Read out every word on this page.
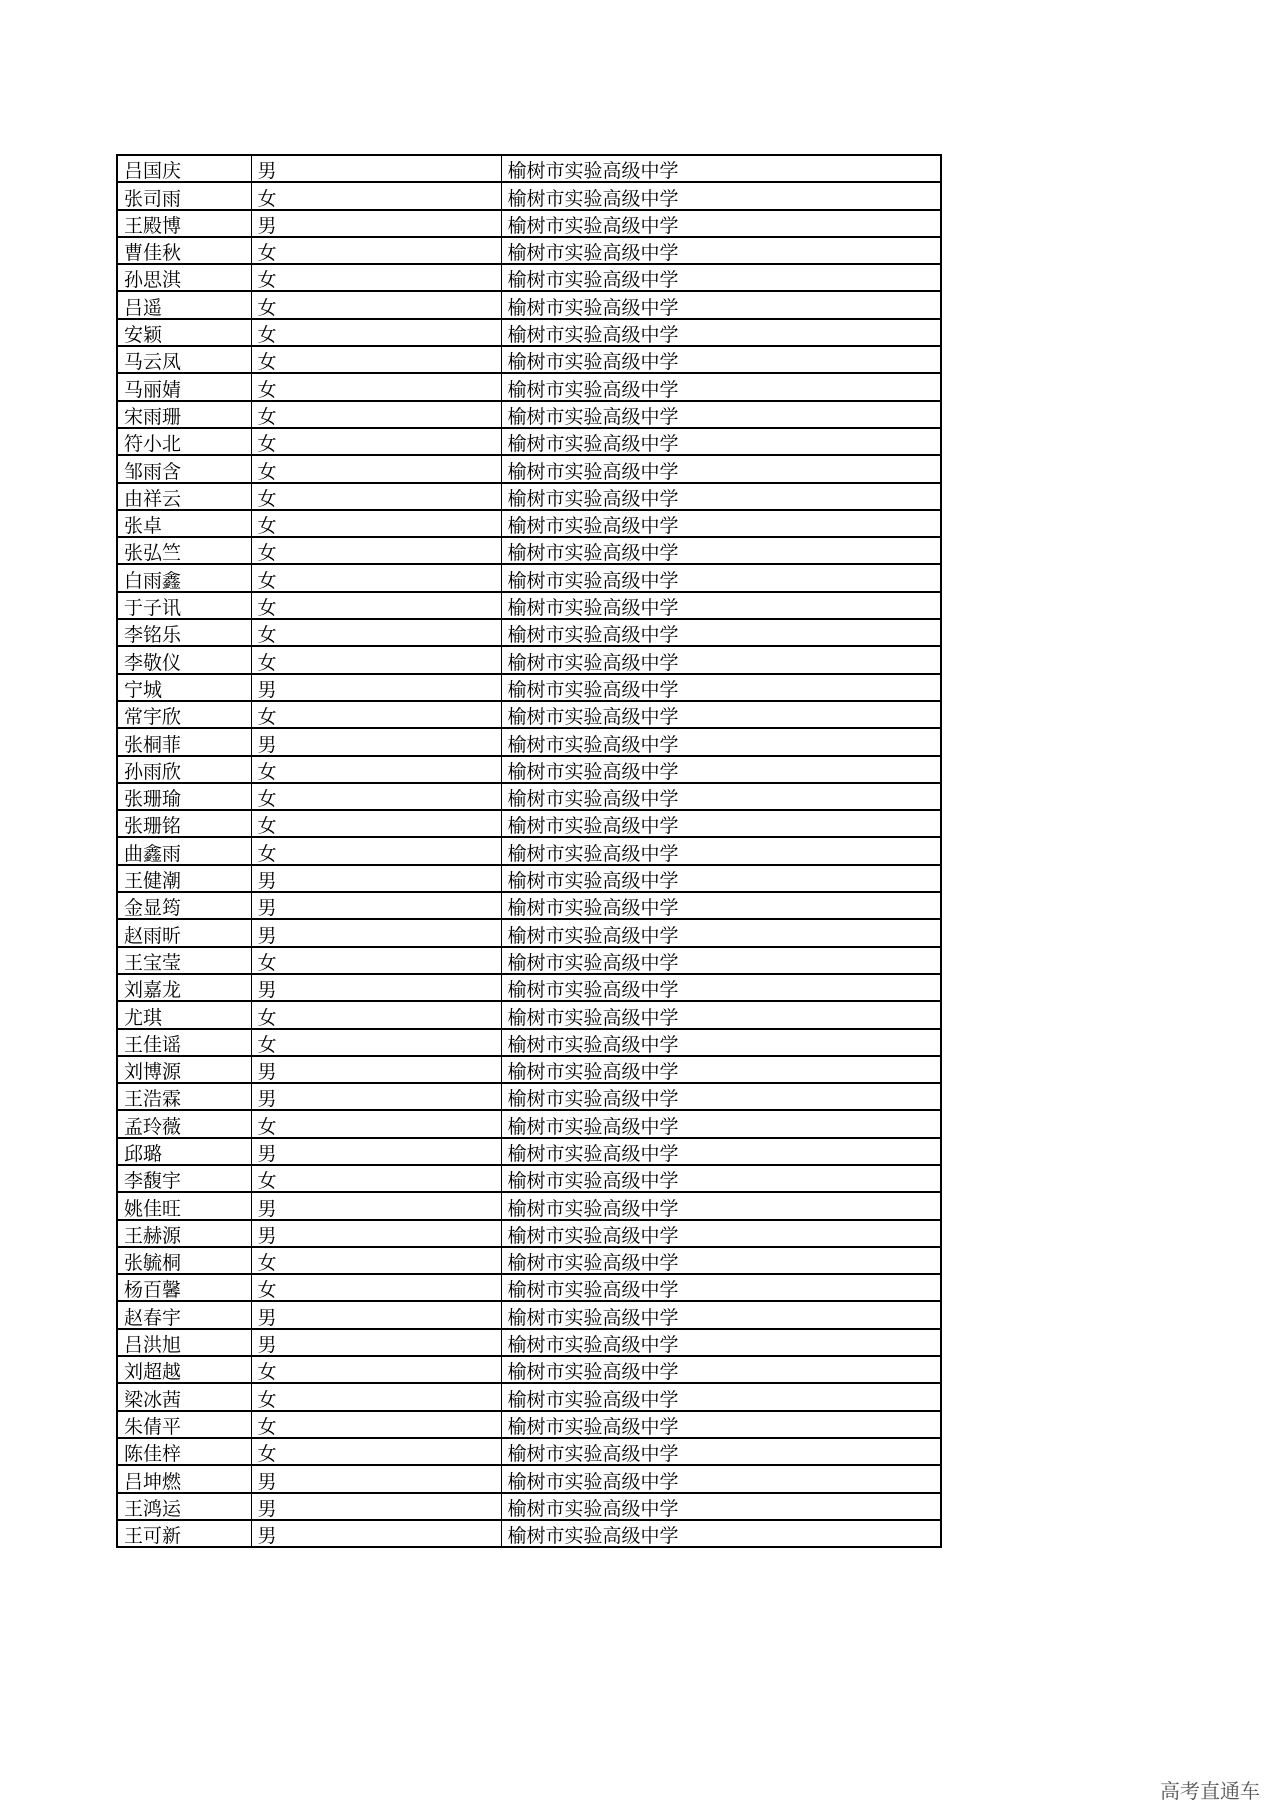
吕国庆	男	榆树市实验高级中学
张司雨	女	榆树市实验高级中学
王殿博	男	榆树市实验高级中学
曹佳秋	女	榆树市实验高级中学
孙思淇	女	榆树市实验高级中学
吕遥	女	榆树市实验高级中学
安颖	女	榆树市实验高级中学
马云凤	女	榆树市实验高级中学
马丽婧	女	榆树市实验高级中学
宋雨珊	女	榆树市实验高级中学
符小北	女	榆树市实验高级中学
邹雨含	女	榆树市实验高级中学
由祥云	女	榆树市实验高级中学
张卓	女	榆树市实验高级中学
张弘竺	女	榆树市实验高级中学
白雨鑫	女	榆树市实验高级中学
于子讯	女	榆树市实验高级中学
李铭乐	女	榆树市实验高级中学
李敬仪	女	榆树市实验高级中学
宁城	男	榆树市实验高级中学
常宇欣	女	榆树市实验高级中学
张桐菲	男	榆树市实验高级中学
孙雨欣	女	榆树市实验高级中学
张珊瑜	女	榆树市实验高级中学
张珊铭	女	榆树市实验高级中学
曲鑫雨	女	榆树市实验高级中学
王健潮	男	榆树市实验高级中学
金显筠	男	榆树市实验高级中学
赵雨昕	男	榆树市实验高级中学
王宝莹	女	榆树市实验高级中学
刘嘉龙	男	榆树市实验高级中学
尤琪	女	榆树市实验高级中学
王佳谣	女	榆树市实验高级中学
刘博源	男	榆树市实验高级中学
王浩霖	男	榆树市实验高级中学
孟玲薇	女	榆树市实验高级中学
邱璐	男	榆树市实验高级中学
李馥宇	女	榆树市实验高级中学
姚佳旺	男	榆树市实验高级中学
王赫源	男	榆树市实验高级中学
张毓桐	女	榆树市实验高级中学
杨百馨	女	榆树市实验高级中学
赵春宇	男	榆树市实验高级中学
吕洪旭	男	榆树市实验高级中学
刘超越	女	榆树市实验高级中学
梁冰茜	女	榆树市实验高级中学
朱倩平	女	榆树市实验高级中学
陈佳梓	女	榆树市实验高级中学
吕坤燃	男	榆树市实验高级中学
王鸿运	男	榆树市实验高级中学
王可新	男	榆树市实验高级中学
高考直通车
